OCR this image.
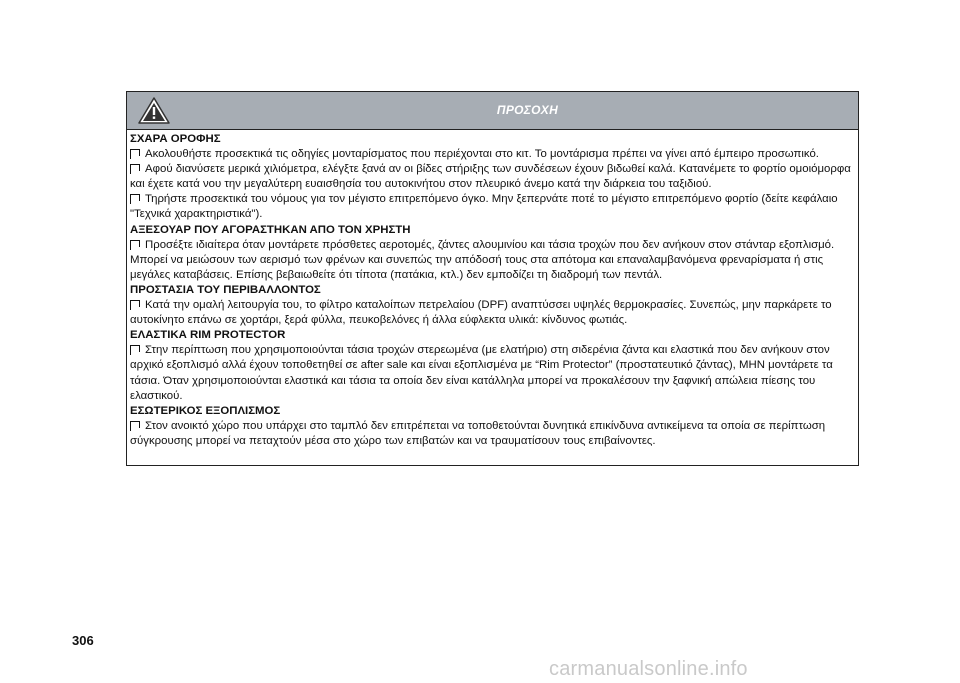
ΠΡΟΣΟΧΗ
ΣΧΑΡΑ ΟΡΟΦΗΣ

Ακολουθήστε προσεκτικά τις οδηγίες μονταρίσματος που περιέχονται στο κιτ. Το μοντάρισμα πρέπει να γίνει από έμπειρο προσωπικό.

Αφού διανύσετε μερικά χιλιόμετρα, ελέγξτε ξανά αν οι βίδες στήριξης των συνδέσεων έχουν βιδωθεί καλά. Κατανέμετε το φορτίο ομοιόμορφα και έχετε κατά νου την μεγαλύτερη ευαισθησία του αυτοκινήτου στον πλευρικό άνεμο κατά την διάρκεια του ταξιδιού.

Τηρήστε προσεκτικά του νόμους για τον μέγιστο επιτρεπόμενο όγκο. Μην ξεπερνάτε ποτέ το μέγιστο επιτρεπόμενο φορτίο (δείτε κεφάλαιο "Τεχνικά χαρακτηριστικά").

ΑΞΕΣΟΥΑΡ ΠΟΥ ΑΓΟΡΑΣΤΗΚΑΝ ΑΠΟ ΤΟΝ ΧΡΗΣΤΗ

Προσέξτε ιδιαίτερα όταν μοντάρετε πρόσθετες αεροτομές, ζάντες αλουμινίου και τάσια τροχών που δεν ανήκουν στον στάνταρ εξοπλισμό. Μπορεί να μειώσουν των αερισμό των φρένων και συνεπώς την απόδοσή τους στα απότομα και επαναλαμβανόμενα φρεναρίσματα ή στις μεγάλες καταβάσεις. Επίσης βεβαιωθείτε ότι τίποτα (πατάκια, κτλ.) δεν εμποδίζει τη διαδρομή των πεντάλ.

ΠΡΟΣΤΑΣΙΑ ΤΟΥ ΠΕΡΙΒΑΛΛΟΝΤΟΣ

Κατά την ομαλή λειτουργία του, το φίλτρο καταλοίπων πετρελαίου (DPF) αναπτύσσει υψηλές θερμοκρασίες. Συνεπώς, μην παρκάρετε το αυτοκίνητο επάνω σε χορτάρι, ξερά φύλλα, πευκοβελόνες ή άλλα εύφλεκτα υλικά: κίνδυνος φωτιάς.

ΕΛΑΣΤΙΚΑ RIM PROTECTOR

Στην περίπτωση που χρησιμοποιούνται τάσια τροχών στερεωμένα (με ελατήριο) στη σιδερένια ζάντα και ελαστικά που δεν ανήκουν στον αρχικό εξοπλισμό αλλά έχουν τοποθετηθεί σε after sale και είναι εξοπλισμένα με “Rim Protector” (προστατευτικό ζάντας), ΜΗΝ μοντάρετε τα τάσια. Όταν χρησιμοποιούνται ελαστικά και τάσια τα οποία δεν είναι κατάλληλα μπορεί να προκαλέσουν την ξαφνική απώλεια πίεσης του ελαστικού.

ΕΣΩΤΕΡΙΚΟΣ ΕΞΟΠΛΙΣΜΟΣ

Στον ανοικτό χώρο που υπάρχει στο ταμπλό δεν επιτρέπεται να τοποθετούνται δυνητικά επικίνδυνα αντικείμενα τα οποία σε περίπτωση σύγκρουσης μπορεί να πεταχτούν μέσα στο χώρο των επιβατών και να τραυματίσουν τους επιβαίνοντες.

306
carmanualsonline.info
